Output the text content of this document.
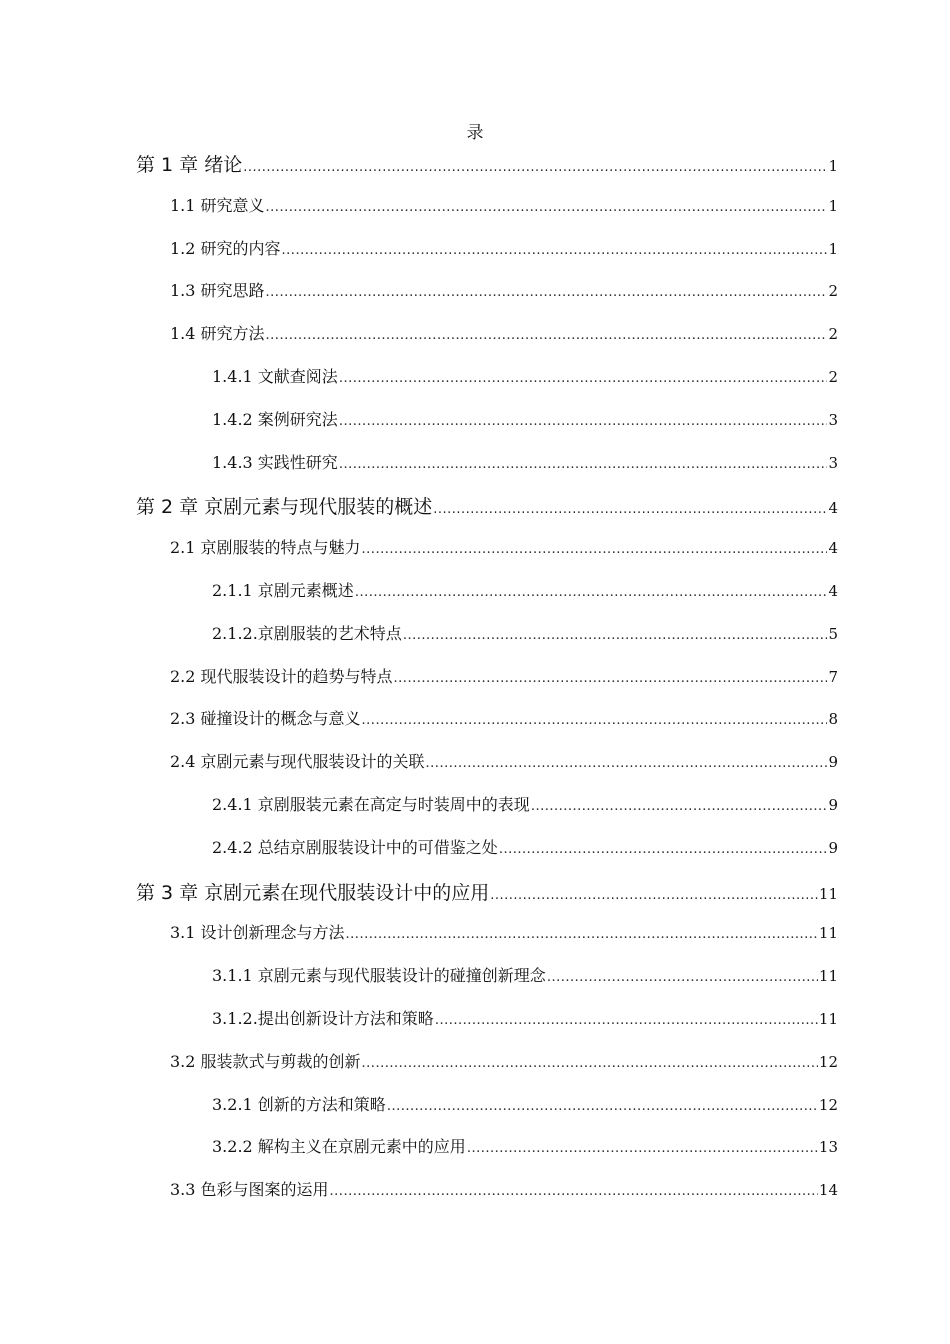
录
第 1 章 绪论 .....	1
1.1 研究意义 .....	1
1.2 研究的内容 .....	1
1.3 研究思路 .....	2
1.4 研究方法 .....	2
1.4.1 文献查阅法 .....	2
1.4.2 案例研究法 .....	3
1.4.3 实践性研究 .....	3
第 2 章 京剧元素与现代服装的概述 .....	4
2.1 京剧服装的特点与魅力 .....	4
2.1.1 京剧元素概述 .....	4
2.1.2.京剧服装的艺术特点 .....	5
2.2 现代服装设计的趋势与特点 .....	7
2.3 碰撞设计的概念与意义 .....	8
2.4 京剧元素与现代服装设计的关联 .....	9
2.4.1 京剧服装元素在高定与时装周中的表现 .....	9
2.4.2 总结京剧服装设计中的可借鉴之处 .....	9
第 3 章 京剧元素在现代服装设计中的应用 .....	11
3.1 设计创新理念与方法 .....	11
3.1.1 京剧元素与现代服装设计的碰撞创新理念 .....	11
3.1.2.提出创新设计方法和策略 .....	11
3.2 服装款式与剪裁的创新 .....	12
3.2.1 创新的方法和策略 .....	12
3.2.2 解构主义在京剧元素中的应用 .....	13
3.3 色彩与图案的运用 .....	14
